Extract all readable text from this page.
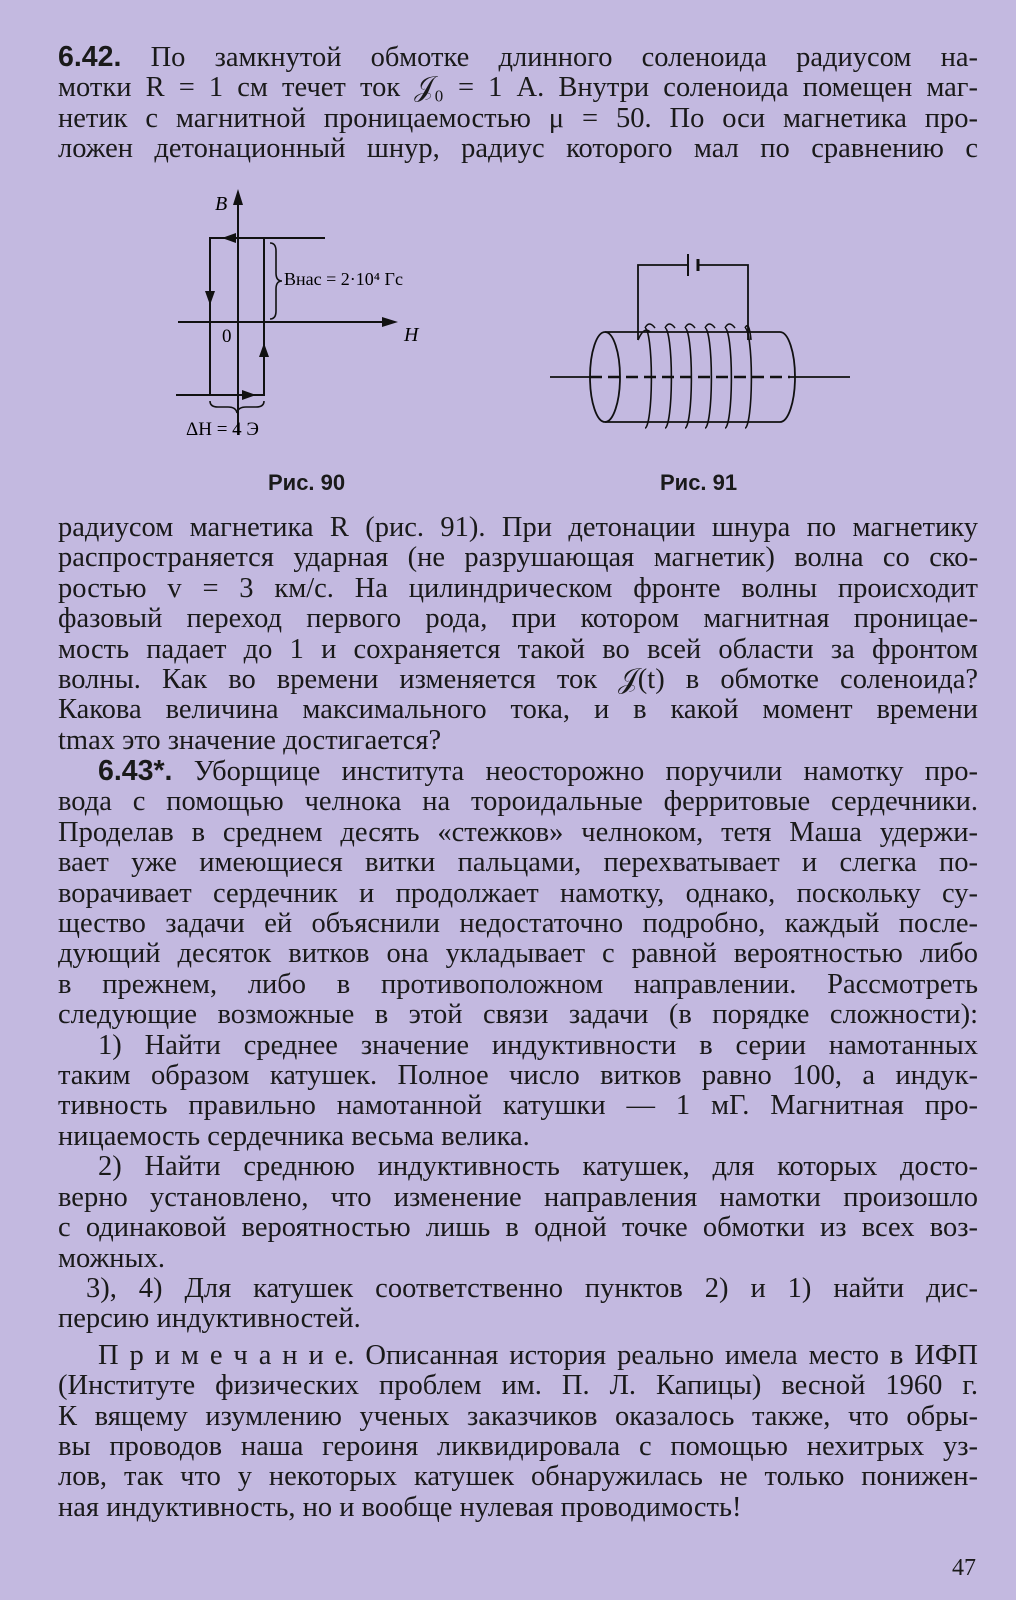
6.42. По замкнутой обмотке длинного соленоида радиусом на-
мотки R = 1 см течет ток 𝒥₀ = 1 А. Внутри соленоида помещен маг-
нетик с магнитной проницаемостью μ = 50. По оси магнетика про-
ложен детонационный шнур, радиус которого мал по сравнению с
B
H
0
Bнас = 2·10⁴ Гс
ΔH = 4 Э
Рис. 90	Рис. 91
радиусом магнетика R (рис. 91). При детонации шнура по магнетику
распространяется ударная (не разрушающая магнетик) волна со ско-
ростью v = 3 км/с. На цилиндрическом фронте волны происходит
фазовый переход первого рода, при котором магнитная проницае-
мость падает до 1 и сохраняется такой во всей области за фронтом
волны. Как во времени изменяется ток 𝒥(t) в обмотке соленоида?
Какова величина максимального тока, и в какой момент времени
tmax это значение достигается?
6.43*. Уборщице института неосторожно поручили намотку про-
вода с помощью челнока на тороидальные ферритовые сердечники.
Проделав в среднем десять «стежков» челноком, тетя Маша удержи-
вает уже имеющиеся витки пальцами, перехватывает и слегка по-
ворачивает сердечник и продолжает намотку, однако, поскольку су-
щество задачи ей объяснили недостаточно подробно, каждый после-
дующий десяток витков она укладывает с равной вероятностью либо
в прежнем, либо в противоположном направлении. Рассмотреть
следующие возможные в этой связи задачи (в порядке сложности):
1) Найти среднее значение индуктивности в серии намотанных
таким образом катушек. Полное число витков равно 100, а индук-
тивность правильно намотанной катушки — 1 мГ. Магнитная про-
ницаемость сердечника весьма велика.
2) Найти среднюю индуктивность катушек, для которых досто-
верно установлено, что изменение направления намотки произошло
с одинаковой вероятностью лишь в одной точке обмотки из всех воз-
можных.
3), 4) Для катушек соответственно пунктов 2) и 1) найти дис-
персию индуктивностей.
П р и м е ч а н и е. Описанная история реально имела место в ИФП
(Институте физических проблем им. П. Л. Капицы) весной 1960 г.
К вящему изумлению ученых заказчиков оказалось также, что обры-
вы проводов наша героиня ликвидировала с помощью нехитрых уз-
лов, так что у некоторых катушек обнаружилась не только понижен-
ная индуктивность, но и вообще нулевая проводимость!
47
